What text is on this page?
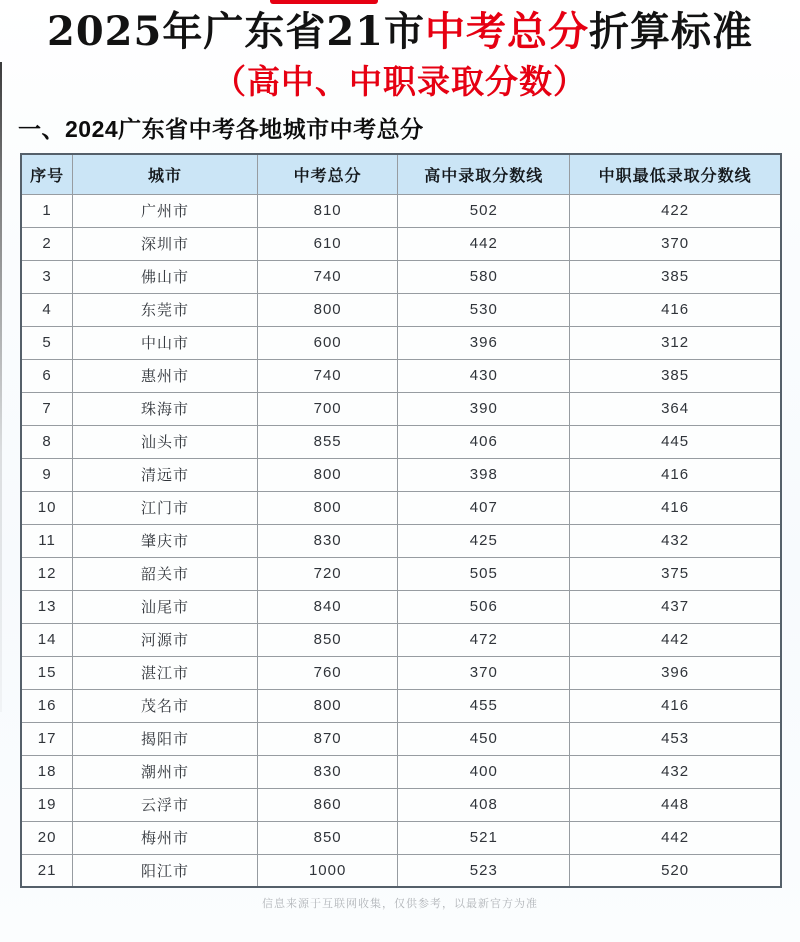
2025年广东省21市中考总分折算标准
（高中、中职录取分数）
一、2024广东省中考各地城市中考总分
序号	城市	中考总分	高中录取分数线	中职最低录取分数线
1	广州市	810	502	422
2	深圳市	610	442	370
3	佛山市	740	580	385
4	东莞市	800	530	416
5	中山市	600	396	312
6	惠州市	740	430	385
7	珠海市	700	390	364
8	汕头市	855	406	445
9	清远市	800	398	416
10	江门市	800	407	416
11	肇庆市	830	425	432
12	韶关市	720	505	375
13	汕尾市	840	506	437
14	河源市	850	472	442
15	湛江市	760	370	396
16	茂名市	800	455	416
17	揭阳市	870	450	453
18	潮州市	830	400	432
19	云浮市	860	408	448
20	梅州市	850	521	442
21	阳江市	1000	523	520
信息来源于互联网收集，仅供参考，以最新官方为准
